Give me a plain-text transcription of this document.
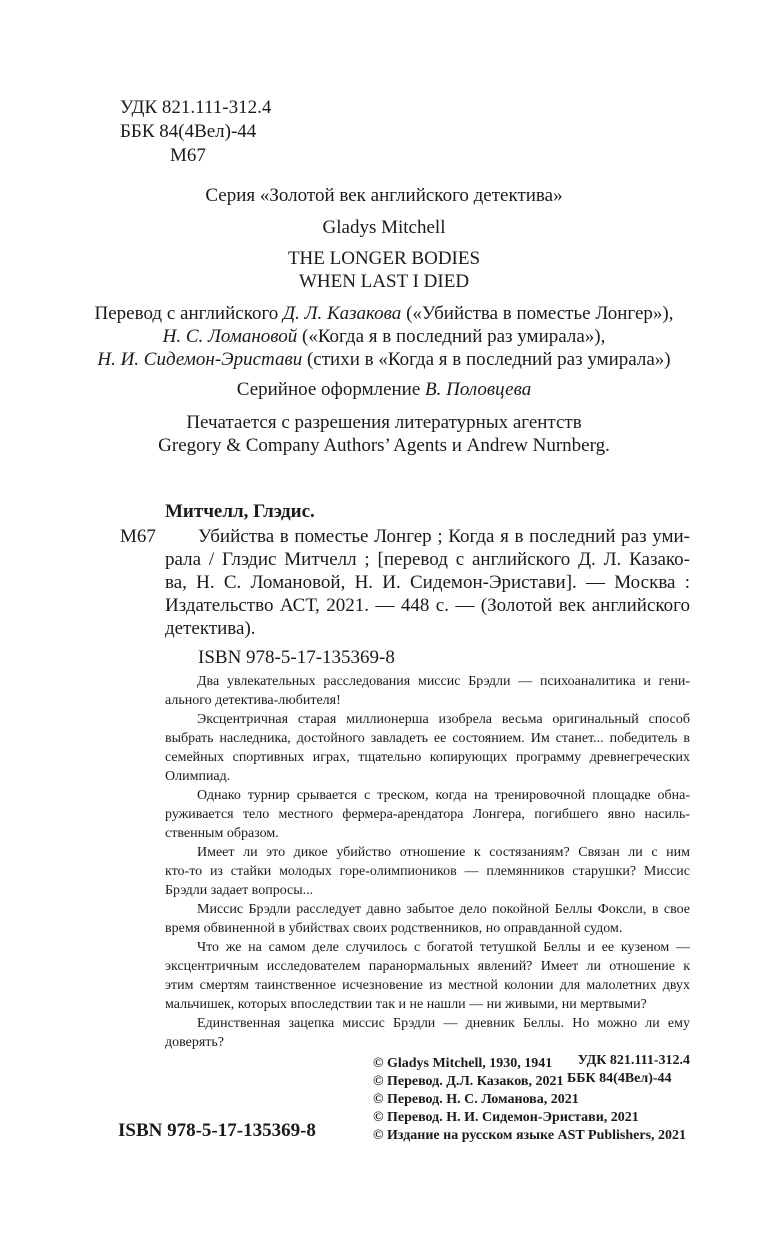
УДК 821.111-312.4
ББК 84(4Вел)-44
М67
Серия «Золотой век английского детектива»
Gladys Mitchell
THE LONGER BODIES
WHEN LAST I DIED
Перевод с английского Д. Л. Казакова («Убийства в поместье Лонгер»),
Н. С. Ломановой («Когда я в последний раз умирала»),
Н. И. Сидемон-Эристави (стихи в «Когда я в последний раз умирала»)
Серийное оформление В. Половцева
Печатается с разрешения литературных агентств
Gregory & Company Authors’ Agents и Andrew Nurnberg.
Митчелл, Глэдис.
М67 Убийства в поместье Лонгер ; Когда я в последний раз уми-
рала / Глэдис Митчелл ; [перевод с английского Д. Л. Казако-
ва, Н. С. Ломановой, Н. И. Сидемон-Эристави]. — Москва :
Издательство АСТ, 2021. — 448 с. — (Золотой век английского
детектива).
ISBN 978-5-17-135369-8
Два увлекательных расследования миссис Брэдли — психоаналитика и гени-
ального детектива-любителя!
Эксцентричная старая миллионерша изобрела весьма оригинальный способ
выбрать наследника, достойного завладеть ее состоянием. Им станет... победитель в
семейных спортивных играх, тщательно копирующих программу древнегреческих
Олимпиад.
Однако турнир срывается с треском, когда на тренировочной площадке обна-
руживается тело местного фермера-арендатора Лонгера, погибшего явно насиль-
ственным образом.
Имеет ли это дикое убийство отношение к состязаниям? Связан ли с ним
кто-то из стайки молодых горе-олимпиоников — племянников старушки? Миссис
Брэдли задает вопросы...
Миссис Брэдли расследует давно забытое дело покойной Беллы Фоксли, в свое
время обвиненной в убийствах своих родственников, но оправданной судом.
Что же на самом деле случилось с богатой тетушкой Беллы и ее кузеном —
эксцентричным исследователем паранормальных явлений? Имеет ли отношение к
этим смертям таинственное исчезновение из местной колонии для малолетних двух
мальчишек, которых впоследствии так и не нашли — ни живыми, ни мертвыми?
Единственная зацепка миссис Брэдли — дневник Беллы. Но можно ли ему
доверять?
УДК 821.111-312.4
ББК 84(4Вел)-44
© Gladys Mitchell, 1930, 1941
© Перевод. Д.Л. Казаков, 2021
© Перевод. Н. С. Ломанова, 2021
© Перевод. Н. И. Сидемон-Эристави, 2021
© Издание на русском языке AST Publishers, 2021
ISBN 978-5-17-135369-8
